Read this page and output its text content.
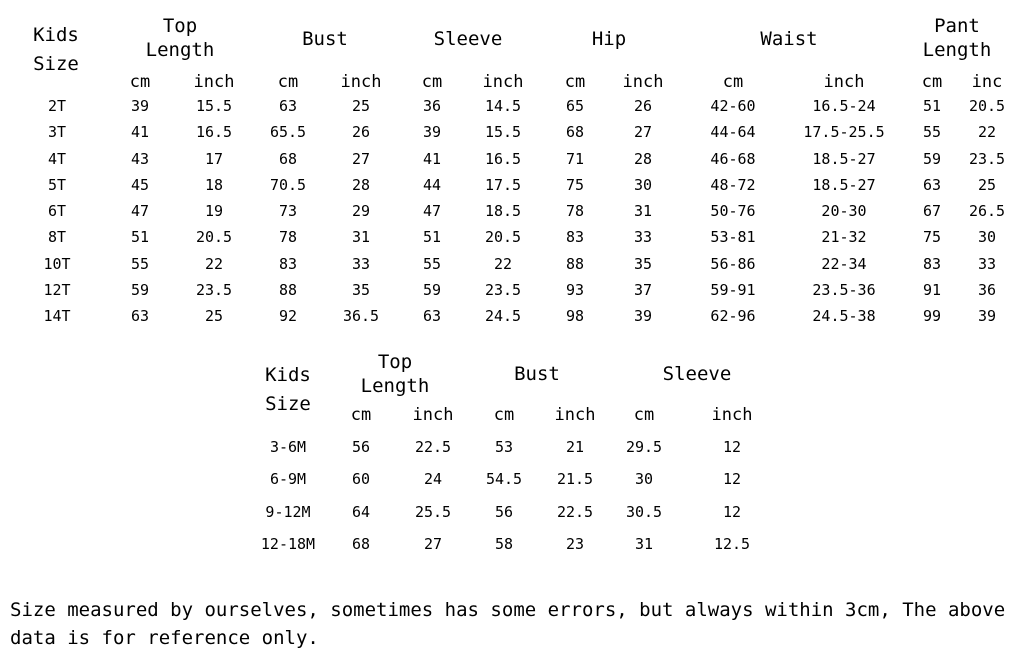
Kids
Size
Top
Length
cm	inch
Bust
cm inch
Sleeve
cm inch
Hip
cm inch
Waist
cm	inch
Pant
Length
cm inc
2T	39	15.5	63	25	36	14.5	65	26	42-60	16.5-24	51 20.5
3T	41	16.5	65.5	26	39	15.5	68	27	44-64	17.5-25.5	55 22
4T	43	17	68	27	41	16.5	71	28	46-68	18.5-27	59 23.5
5T	45	18	70.5	28	44	17.5	75	30	48-72	18.5-27	63 25
6T	47	19	73	29	47	18.5	78	31	50-76	20-30	67 26.5
8T	51	20.5	78	31	51	20.5	83	33	53-81	21-32	75 30
10T	55	22	83	33	55	22	88	35	56-86	22-34	83 33
12T	59	23.5	88	35	59	23.5	93	37	59-91	23.5-36	91 36
14T	63	25	92	36.5	63	24.5	98	39	62-96	24.5-38	99 39
Kids
Size
Top
Length
cm inch
Bust
cm inch
Sleeve
cm	inch
3-6M	56	22.5	53	21	29.5	12
6-9M	60	24	54.5 21.5	30	12
9-12M	64	25.5	56	22.5 30.5	12
12-18M 68	27	58	23	31	12.5
Size measured by ourselves, sometimes has some errors, but always within 3cm, The above data is for reference only.
